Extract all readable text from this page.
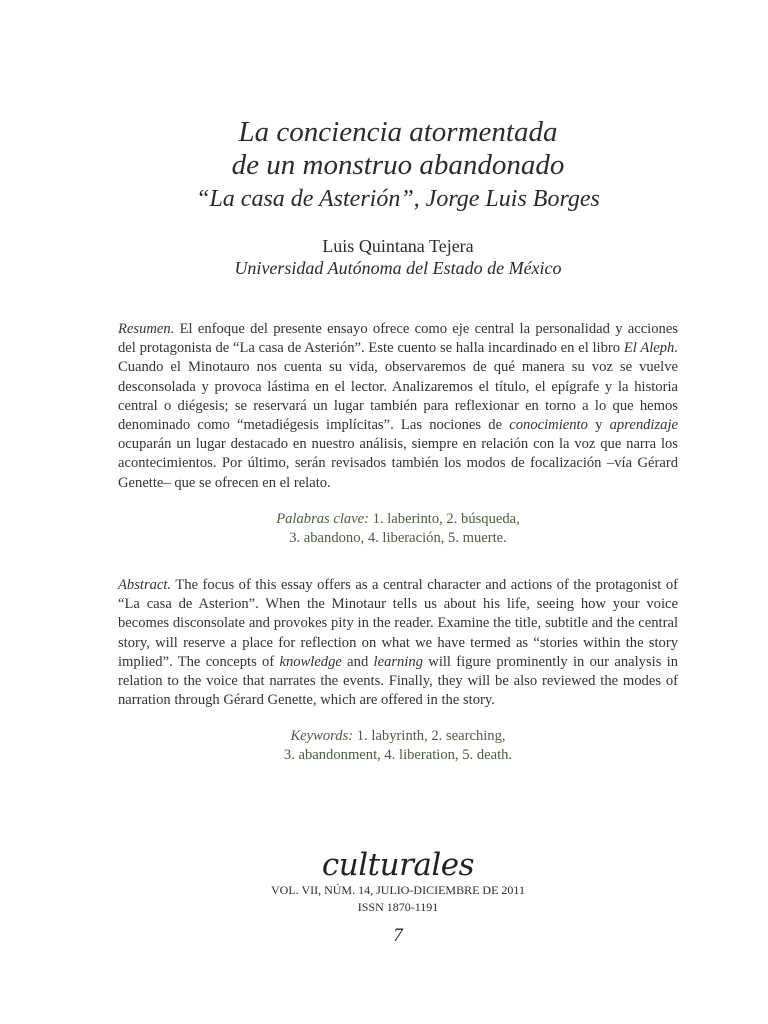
La conciencia atormentada
de un monstruo abandonado
“La casa de Asterión”, Jorge Luis Borges
Luis Quintana Tejera
Universidad Autónoma del Estado de México

Resumen. El enfoque del presente ensayo ofrece como eje central la personalidad y acciones del protagonista de “La casa de Asterión”. Este cuento se halla incardinado en el libro El Aleph. Cuando el Minotauro nos cuenta su vida, observaremos de qué manera su voz se vuelve desconsolada y provoca lástima en el lector. Analizaremos el título, el epígrafe y la historia central o diégesis; se reservará un lugar también para reflexionar en torno a lo que hemos denominado como “metadiégesis implícitas”. Las nociones de conocimiento y aprendizaje ocuparán un lugar destacado en nuestro análisis, siempre en relación con la voz que narra los acontecimientos. Por último, serán revisados también los modos de focalización –vía Gérard Genette– que se ofrecen en el relato.

Palabras clave: 1. laberinto, 2. búsqueda,
3. abandono, 4. liberación, 5. muerte.

Abstract. The focus of this essay offers as a central character and actions of the protagonist of “La casa de Asterion”. When the Minotaur tells us about his life, seeing how your voice becomes disconsolate and provokes pity in the reader. Examine the title, subtitle and the central story, will reserve a place for reflection on what we have termed as “stories within the story implied”. The concepts of knowledge and learning will figure prominently in our analysis in relation to the voice that narrates the events. Finally, they will be also reviewed the modes of narration through Gérard Genette, which are offered in the story.

Keywords: 1. labyrinth, 2. searching,
3. abandonment, 4. liberation, 5. death.
culturales
VOL. VII, NÚM. 14, JULIO-DICIEMBRE DE 2011
ISSN 1870-1191
7
